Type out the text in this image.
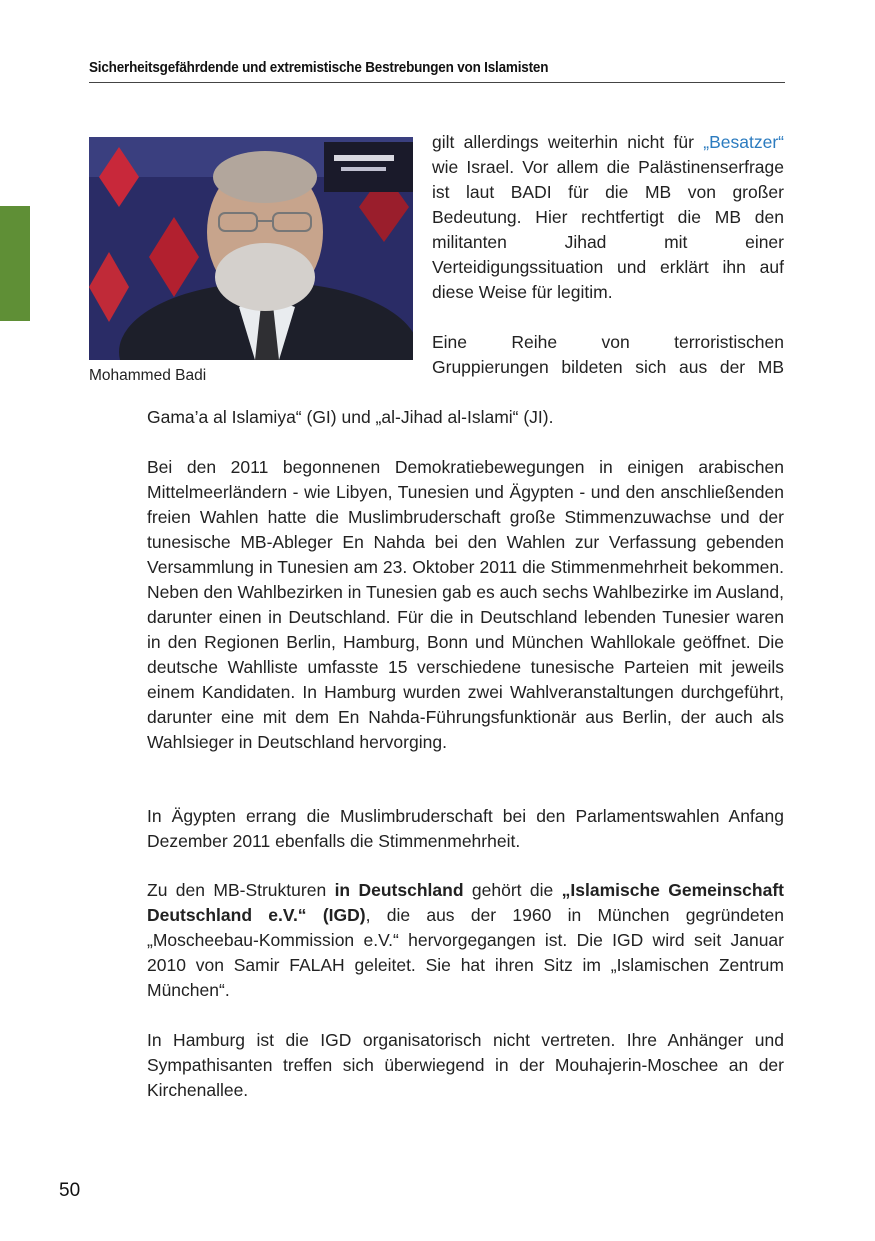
Sicherheitsgefährdende und extremistische Bestrebungen von Islamisten
Mohammed Badi

gilt allerdings weiterhin nicht für „Besatzer“ wie Israel. Vor allem die Palästinenserfrage ist laut BADI für die MB von großer Bedeutung. Hier rechtfertigt die MB den militanten Jihad mit einer Verteidigungssituation und erklärt ihn auf diese Weise für legitim.

Eine Reihe von terroristischen Gruppierungen bildeten sich aus der MB

Gama’a al Islamiya“ (GI) und „al-Jihad al-Islami“ (JI).

Bei den 2011 begonnenen Demokratiebewegungen in einigen arabischen Mittelmeerländern - wie Libyen, Tunesien und Ägypten - und den anschließenden freien Wahlen hatte die Muslimbruderschaft große Stimmenzuwachse und der tunesische MB-Ableger En Nahda bei den Wahlen zur Verfassung gebenden Versammlung in Tunesien am 23. Oktober 2011 die Stimmenmehrheit bekommen. Neben den Wahlbezirken in Tunesien gab es auch sechs Wahlbezirke im Ausland, darunter einen in Deutschland. Für die in Deutschland lebenden Tunesier waren in den Regionen Berlin, Hamburg, Bonn und München Wahllokale geöffnet. Die deutsche Wahlliste umfasste 15 verschiedene tunesische Parteien mit jeweils einem Kandidaten. In Hamburg wurden zwei Wahlveranstaltungen durchgeführt, darunter eine mit dem En Nahda-Führungsfunktionär aus Berlin, der auch als Wahlsieger in Deutschland hervorging.

In Ägypten errang die Muslimbruderschaft bei den Parlamentswahlen Anfang Dezember 2011 ebenfalls die Stimmenmehrheit.

Zu den MB-Strukturen in Deutschland gehört die „Islamische Gemeinschaft Deutschland e.V.“ (IGD), die aus der 1960 in München gegründeten „Moscheebau-Kommission e.V.“ hervorgegangen ist. Die IGD wird seit Januar 2010 von Samir FALAH geleitet. Sie hat ihren Sitz im „Islamischen Zentrum München“.

In Hamburg ist die IGD organisatorisch nicht vertreten. Ihre Anhänger und Sympathisanten treffen sich überwiegend in der Mouhajerin-Moschee an der Kirchenallee.

50
